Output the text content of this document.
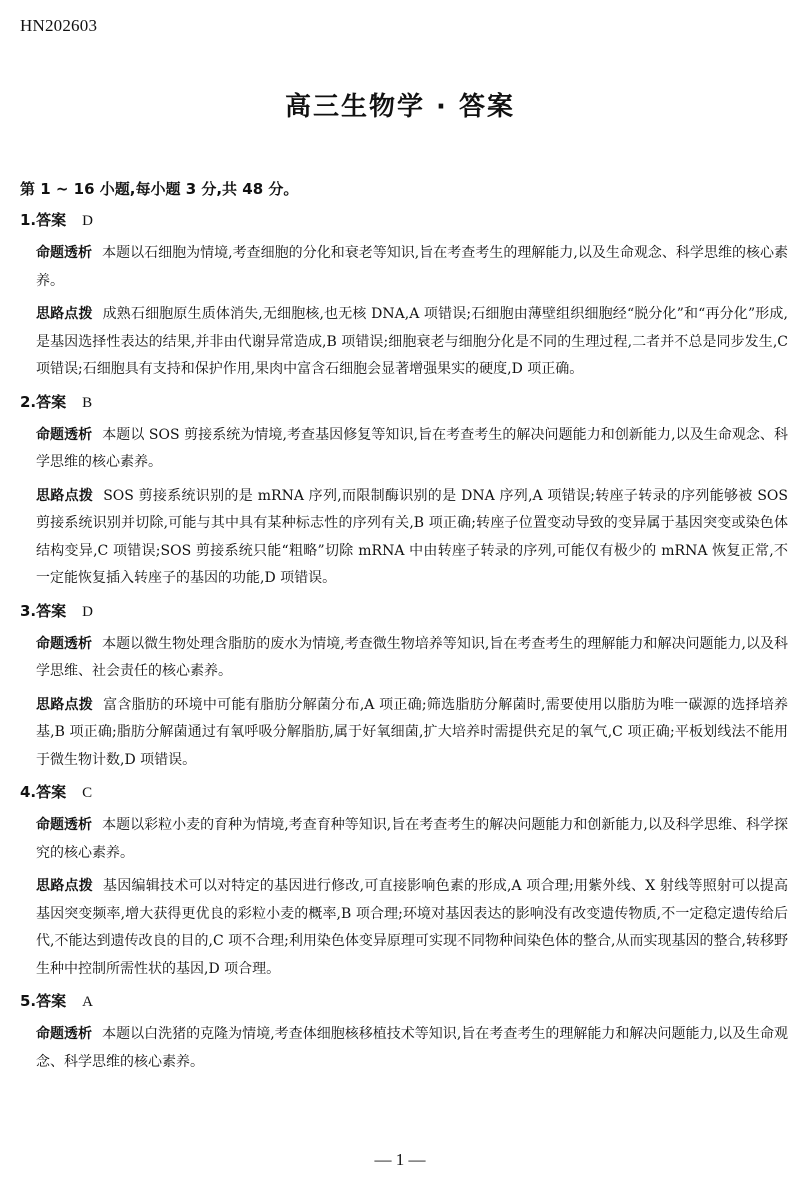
HN202603
高三生物学 · 答案
第 1 ~ 16 小题,每小题 3 分,共 48 分。
1.答案 D
命题透析 本题以石细胞为情境,考查细胞的分化和衰老等知识,旨在考查考生的理解能力,以及生命观念、科学思维的核心素养。
思路点拨 成熟石细胞原生质体消失,无细胞核,也无核 DNA,A 项错误;石细胞由薄壁组织细胞经“脱分化”和“再分化”形成,是基因选择性表达的结果,并非由代谢异常造成,B 项错误;细胞衰老与细胞分化是不同的生理过程,二者并不总是同步发生,C 项错误;石细胞具有支持和保护作用,果肉中富含石细胞会显著增强果实的硬度,D 项正确。
2.答案 B
命题透析 本题以 SOS 剪接系统为情境,考查基因修复等知识,旨在考查考生的解决问题能力和创新能力,以及生命观念、科学思维的核心素养。
思路点拨 SOS 剪接系统识别的是 mRNA 序列,而限制酶识别的是 DNA 序列,A 项错误;转座子转录的序列能够被 SOS 剪接系统识别并切除,可能与其中具有某种标志性的序列有关,B 项正确;转座子位置变动导致的变异属于基因突变或染色体结构变异,C 项错误;SOS 剪接系统只能“粗略”切除 mRNA 中由转座子转录的序列,可能仅有极少的 mRNA 恢复正常,不一定能恢复插入转座子的基因的功能,D 项错误。
3.答案 D
命题透析 本题以微生物处理含脂肪的废水为情境,考查微生物培养等知识,旨在考查考生的理解能力和解决问题能力,以及科学思维、社会责任的核心素养。
思路点拨 富含脂肪的环境中可能有脂肪分解菌分布,A 项正确;筛选脂肪分解菌时,需要使用以脂肪为唯一碳源的选择培养基,B 项正确;脂肪分解菌通过有氧呼吸分解脂肪,属于好氧细菌,扩大培养时需提供充足的氧气,C 项正确;平板划线法不能用于微生物计数,D 项错误。
4.答案 C
命题透析 本题以彩粒小麦的育种为情境,考查育种等知识,旨在考查考生的解决问题能力和创新能力,以及科学思维、科学探究的核心素养。
思路点拨 基因编辑技术可以对特定的基因进行修改,可直接影响色素的形成,A 项合理;用紫外线、X 射线等照射可以提高基因突变频率,增大获得更优良的彩粒小麦的概率,B 项合理;环境对基因表达的影响没有改变遗传物质,不一定稳定遗传给后代,不能达到遗传改良的目的,C 项不合理;利用染色体变异原理可实现不同物种间染色体的整合,从而实现基因的整合,转移野生种中控制所需性状的基因,D 项合理。
5.答案 A
命题透析 本题以白洗猪的克隆为情境,考查体细胞核移植技术等知识,旨在考查考生的理解能力和解决问题能力,以及生命观念、科学思维的核心素养。
— 1 —
